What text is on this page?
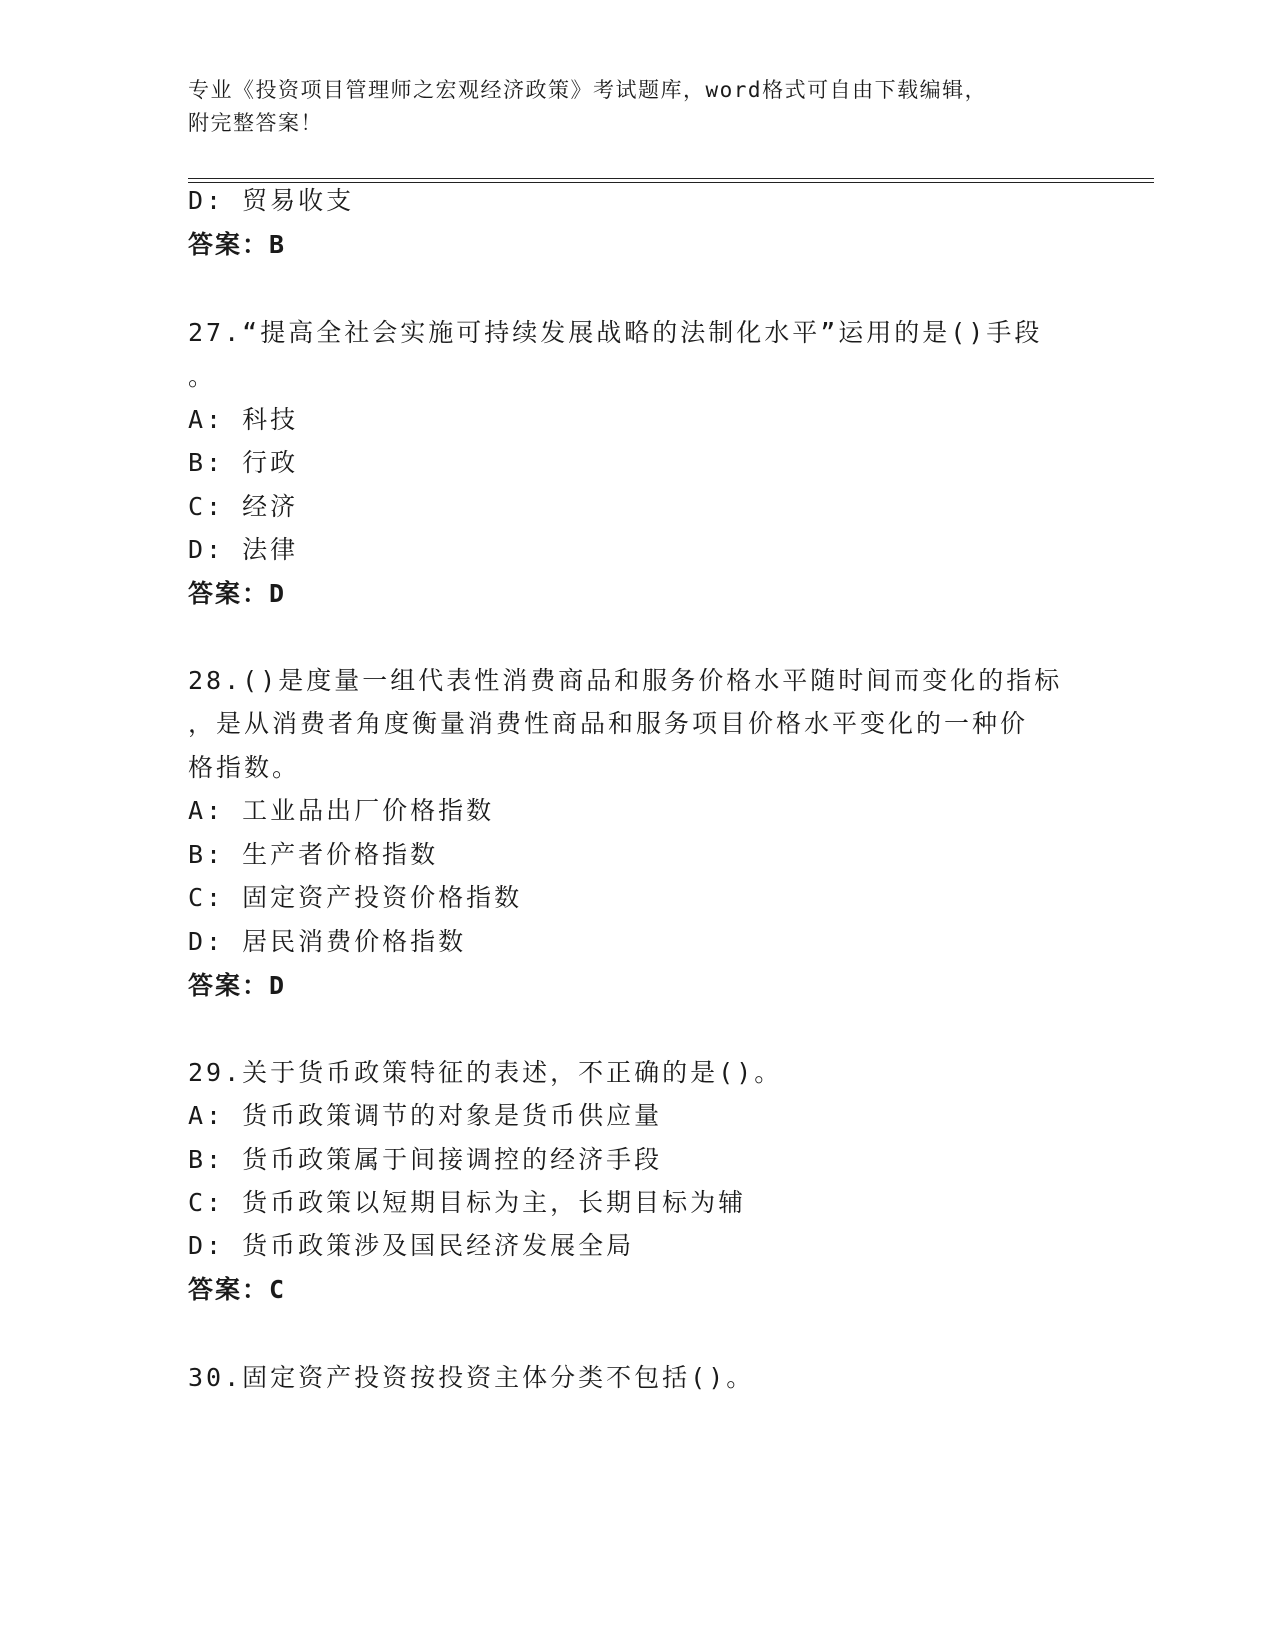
专业《投资项目管理师之宏观经济政策》考试题库，word格式可自由下载编辑，
附完整答案！
D: 贸易收支
答案：B
27.“提高全社会实施可持续发展战略的法制化水平”运用的是()手段
。
A: 科技
B: 行政
C: 经济
D: 法律
答案：D
28.()是度量一组代表性消费商品和服务价格水平随时间而变化的指标
，是从消费者角度衡量消费性商品和服务项目价格水平变化的一种价
格指数。
A: 工业品出厂价格指数
B: 生产者价格指数
C: 固定资产投资价格指数
D: 居民消费价格指数
答案：D
29.关于货币政策特征的表述，不正确的是()。
A: 货币政策调节的对象是货币供应量
B: 货币政策属于间接调控的经济手段
C: 货币政策以短期目标为主，长期目标为辅
D: 货币政策涉及国民经济发展全局
答案：C
30.固定资产投资按投资主体分类不包括()。
